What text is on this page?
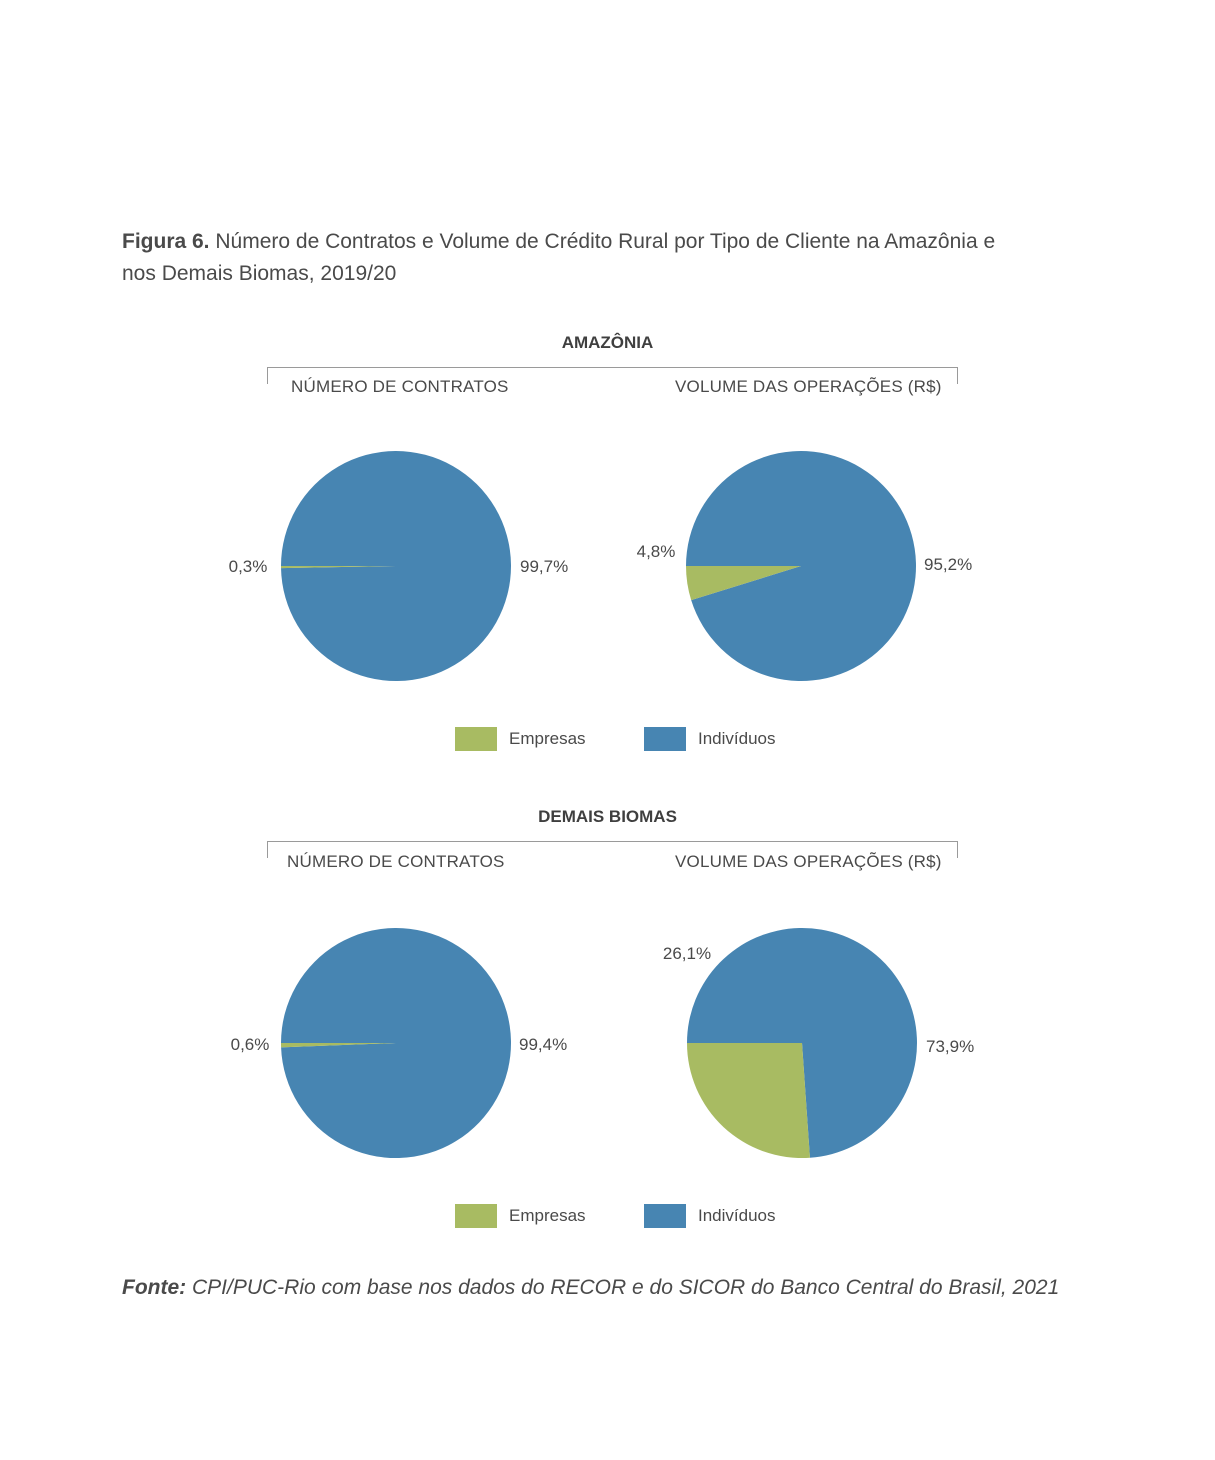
Figura 6. Número de Contratos e Volume de Crédito Rural por Tipo de Cliente na Amazônia e nos Demais Biomas, 2019/20
AMAZÔNIA
NÚMERO DE CONTRATOS	VOLUME DAS OPERAÇÕES (R$)
DEMAIS BIOMAS
NÚMERO DE CONTRATOS	VOLUME DAS OPERAÇÕES (R$)
0,3%	99,7%
4,8%
95,2%
0,6%	99,4%
26,1%
73,9%
Empresas	Indivíduos
Empresas	Indivíduos
Fonte: CPI/PUC-Rio com base nos dados do RECOR e do SICOR do Banco Central do Brasil, 2021
